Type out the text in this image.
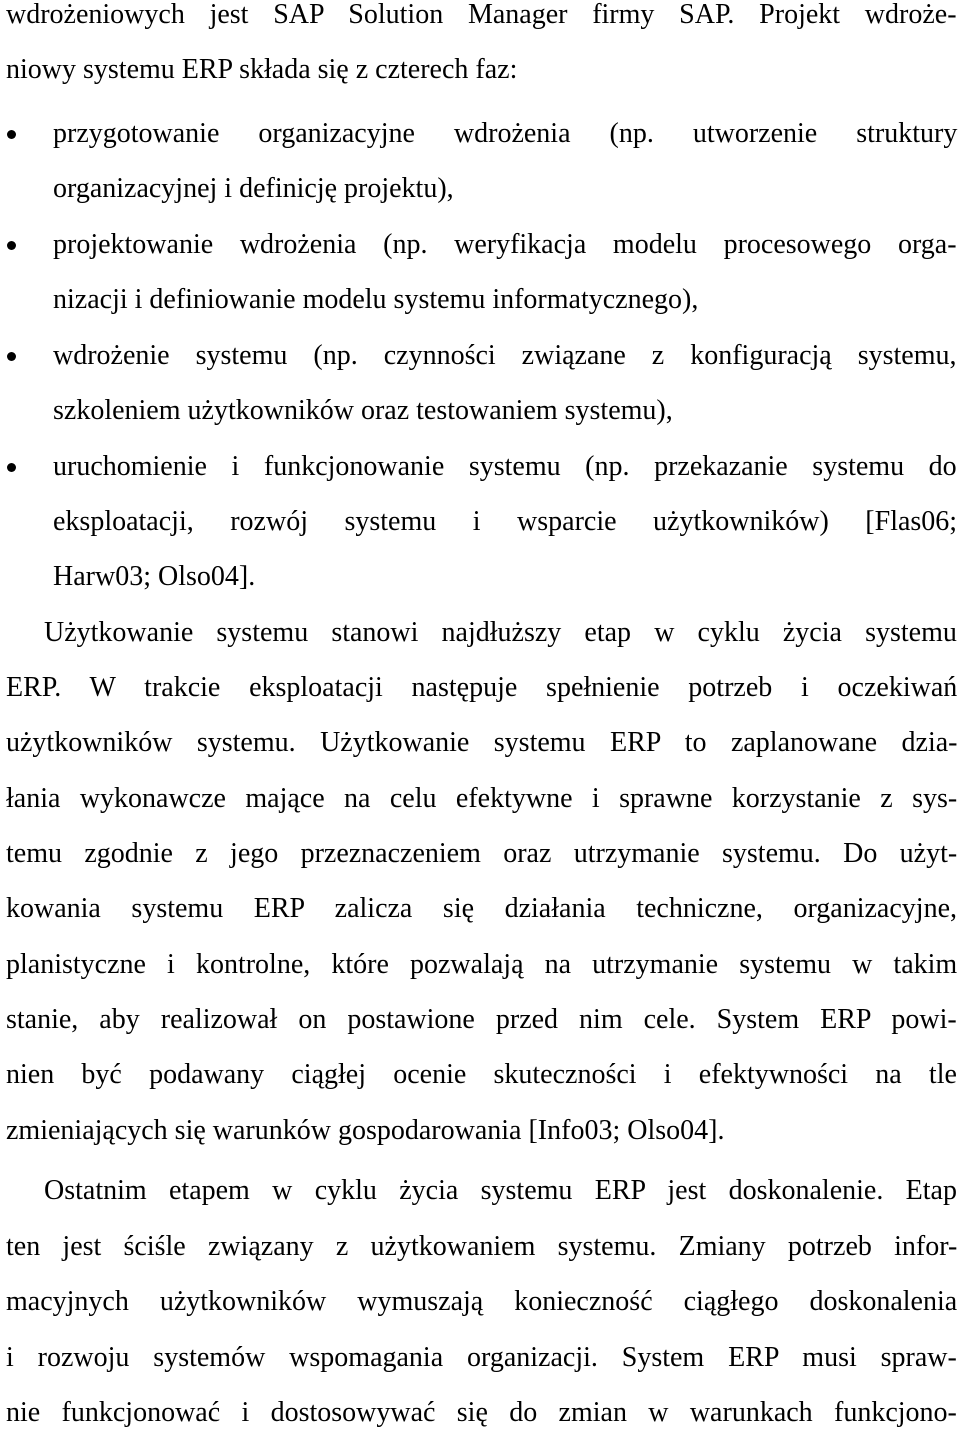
wdrożeniowych jest SAP Solution Manager firmy SAP. Projekt wdroże-
niowy systemu ERP składa się z czterech faz:
przygotowanie organizacyjne wdrożenia (np. utworzenie struktury
organizacyjnej i definicję projektu),
projektowanie wdrożenia (np. weryfikacja modelu procesowego orga-
nizacji i definiowanie modelu systemu informatycznego),
wdrożenie systemu (np. czynności związane z konfiguracją systemu,
szkoleniem użytkowników oraz testowaniem systemu),
uruchomienie i funkcjonowanie systemu (np. przekazanie systemu do
eksploatacji, rozwój systemu i wsparcie użytkowników) [Flas06;
Harw03; Olso04].
Użytkowanie systemu stanowi najdłuższy etap w cyklu życia systemu
ERP. W trakcie eksploatacji następuje spełnienie potrzeb i oczekiwań
użytkowników systemu. Użytkowanie systemu ERP to zaplanowane dzia-
łania wykonawcze mające na celu efektywne i sprawne korzystanie z sys-
temu zgodnie z jego przeznaczeniem oraz utrzymanie systemu. Do użyt-
kowania systemu ERP zalicza się działania techniczne, organizacyjne,
planistyczne i kontrolne, które pozwalają na utrzymanie systemu w takim
stanie, aby realizował on postawione przed nim cele. System ERP powi-
nien być podawany ciągłej ocenie skuteczności i efektywności na tle
zmieniających się warunków gospodarowania [Info03; Olso04].
Ostatnim etapem w cyklu życia systemu ERP jest doskonalenie. Etap
ten jest ściśle związany z użytkowaniem systemu. Zmiany potrzeb infor-
macyjnych użytkowników wymuszają konieczność ciągłego doskonalenia
i rozwoju systemów wspomagania organizacji. System ERP musi spraw-
nie funkcjonować i dostosowywać się do zmian w warunkach funkcjono-
